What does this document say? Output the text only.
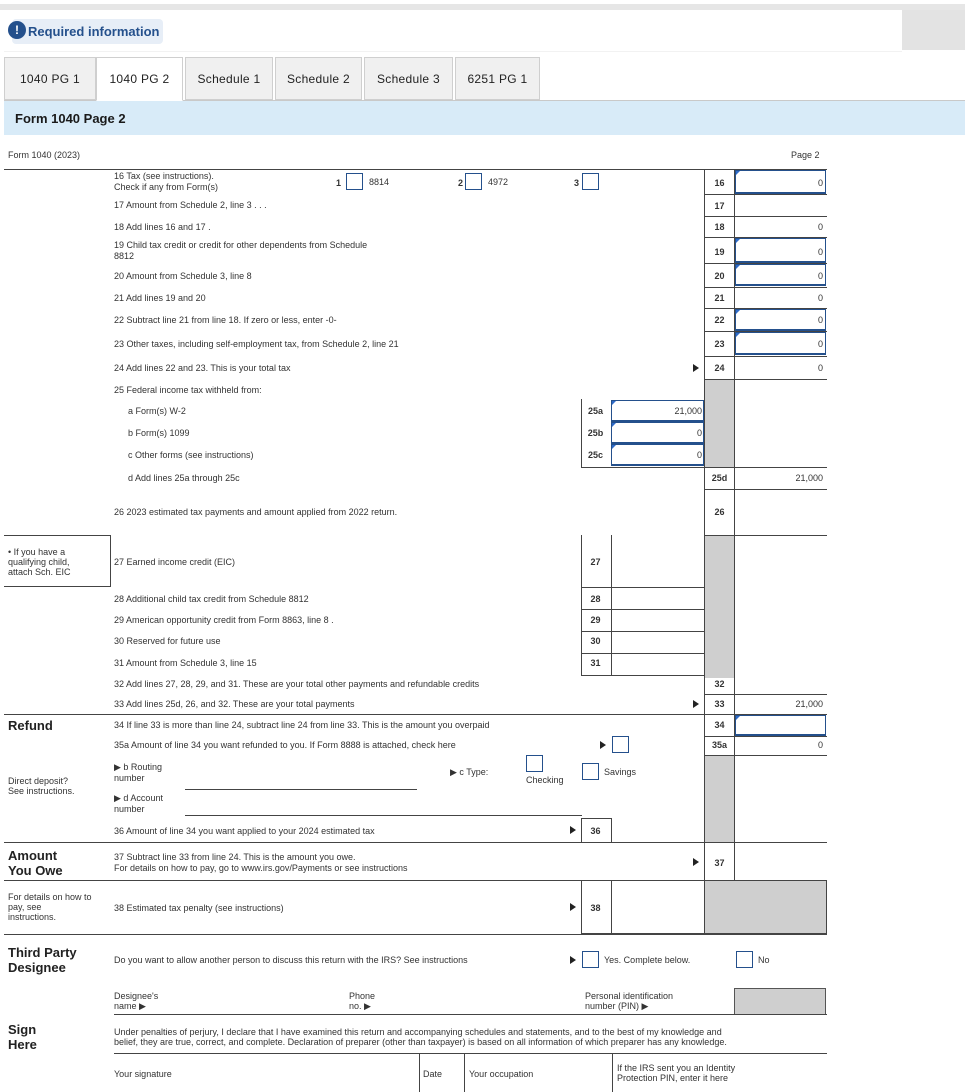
Required information
!
1040 PG 1	1040 PG 2	Schedule 1	Schedule 2	Schedule 3	6251 PG 1
Form 1040 Page 2
Form 1040 (2023)	Page 2
16 Tax (see instructions).
Check if any from Form(s)	1	8814	2	4972	3	16	0
17 Amount from Schedule 2, line 3 . . .	17
18 Add lines 16 and 17 .	18	0
19 Child tax credit or credit for other dependents from Schedule
8812	19	0
20 Amount from Schedule 3, line 8	20	0
21 Add lines 19 and 20	21	0
22 Subtract line 21 from line 18. If zero or less, enter -0-	22	0
23 Other taxes, including self-employment tax, from Schedule 2, line 21	23	0
24 Add lines 22 and 23. This is your total tax	24	0
25 Federal income tax withheld from:
a Form(s) W-2	25a	21,000
b Form(s) 1099	25b	0
c Other forms (see instructions)	25c	0
d Add lines 25a through 25c	25d	21,000
26 2023 estimated tax payments and amount applied from 2022 return.	26
• If you have a
qualifying child,
attach Sch. EIC
27 Earned income credit (EIC)	27
28 Additional child tax credit from Schedule 8812	28
29 American opportunity credit from Form 8863, line 8 .	29
30 Reserved for future use	30
31 Amount from Schedule 3, line 15	31
32 Add lines 27, 28, 29, and 31. These are your total other payments and refundable credits	32
33 Add lines 25d, 26, and 32. These are your total payments	33	21,000
Refund	34 If line 33 is more than line 24, subtract line 24 from line 33. This is the amount you overpaid	34
35a Amount of line 34 you want refunded to you. If Form 8888 is attached, check here	35a	0
Direct deposit?
See instructions.
▶ b Routing
number
▶ c Type:
Checking
Savings
▶ d Account
number
36 Amount of line 34 you want applied to your 2024 estimated tax	36
Amount
You Owe
37 Subtract line 33 from line 24. This is the amount you owe.
For details on how to pay, go to www.irs.gov/Payments or see instructions	37
For details on how to
pay, see
instructions.
38 Estimated tax penalty (see instructions)	38
Third Party
Designee	Do you want to allow another person to discuss this return with the IRS? See instructions	Yes. Complete below.	No
Designee's
name ▶
Phone
no. ▶
Personal identification
number (PIN) ▶
Sign
Here
Under penalties of perjury, I declare that I have examined this return and accompanying schedules and statements, and to the best of my knowledge and
belief, they are true, correct, and complete. Declaration of preparer (other than taxpayer) is based on all information of which preparer has any knowledge.
Your signature	Date	Your occupation
If the IRS sent you an Identity
Protection PIN, enter it here
